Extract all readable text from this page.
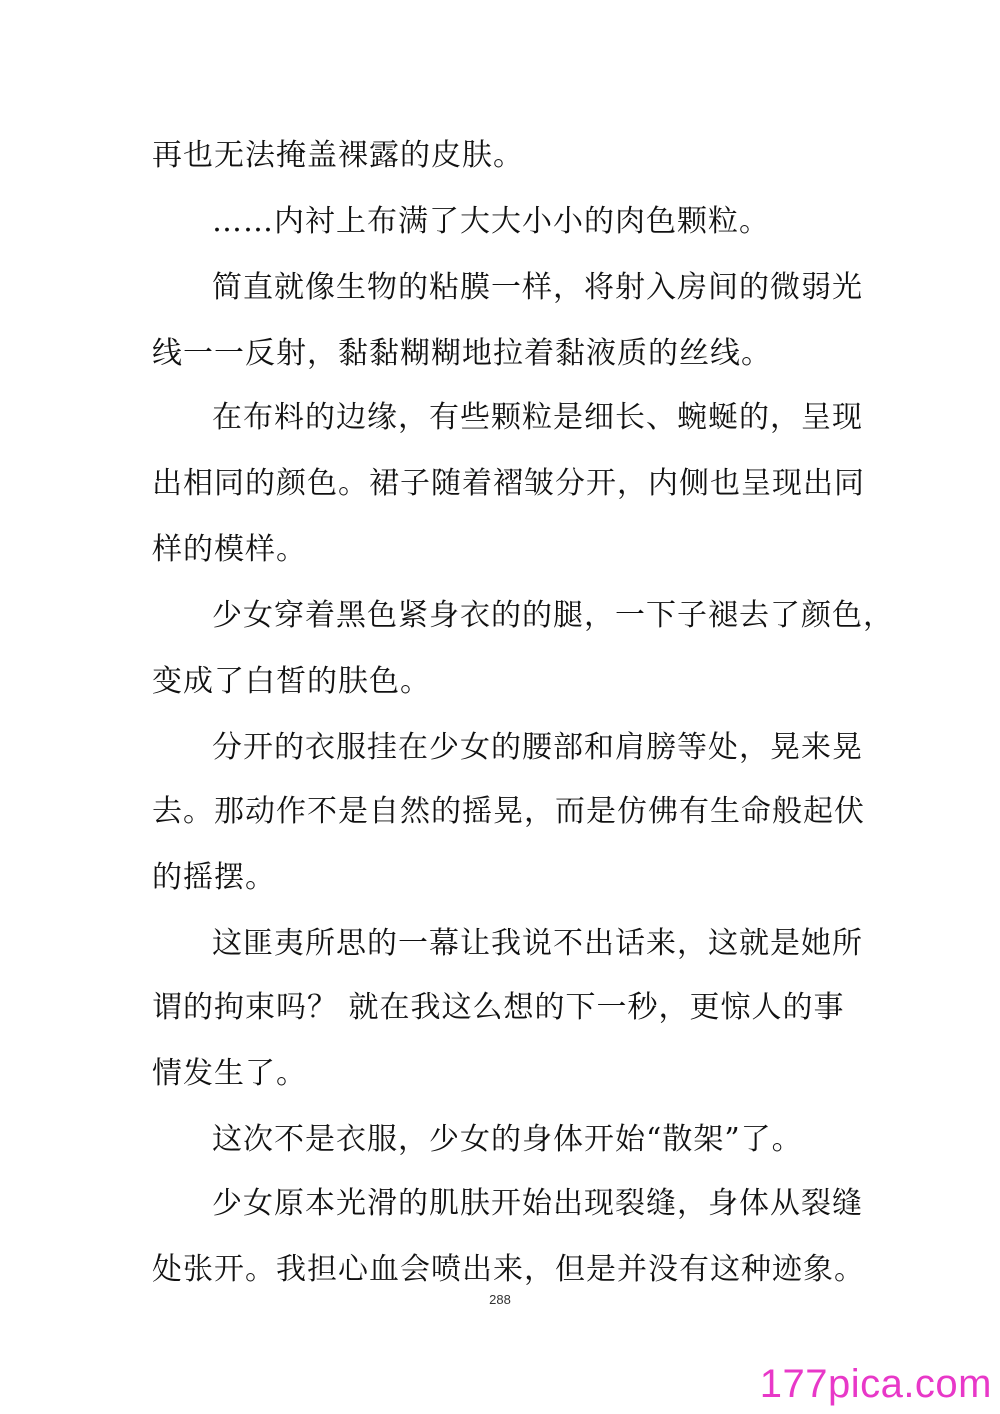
再也无法掩盖裸露的皮肤。
……内衬上布满了大大小小的肉色颗粒。
简直就像生物的粘膜一样，将射入房间的微弱光
线一一反射，黏黏糊糊地拉着黏液质的丝线。
在布料的边缘，有些颗粒是细长、蜿蜒的，呈现
出相同的颜色。裙子随着褶皱分开，内侧也呈现出同
样的模样。
少女穿着黑色紧身衣的的腿，一下子褪去了颜色，
变成了白皙的肤色。
分开的衣服挂在少女的腰部和肩膀等处，晃来晃
去。那动作不是自然的摇晃，而是仿佛有生命般起伏
的摇摆。
这匪夷所思的一幕让我说不出话来，这就是她所
谓的拘束吗？ 就在我这么想的下一秒，更惊人的事
情发生了。
这次不是衣服，少女的身体开始“散架”了。
少女原本光滑的肌肤开始出现裂缝，身体从裂缝
处张开。我担心血会喷出来，但是并没有这种迹象。
288
177pica.com
